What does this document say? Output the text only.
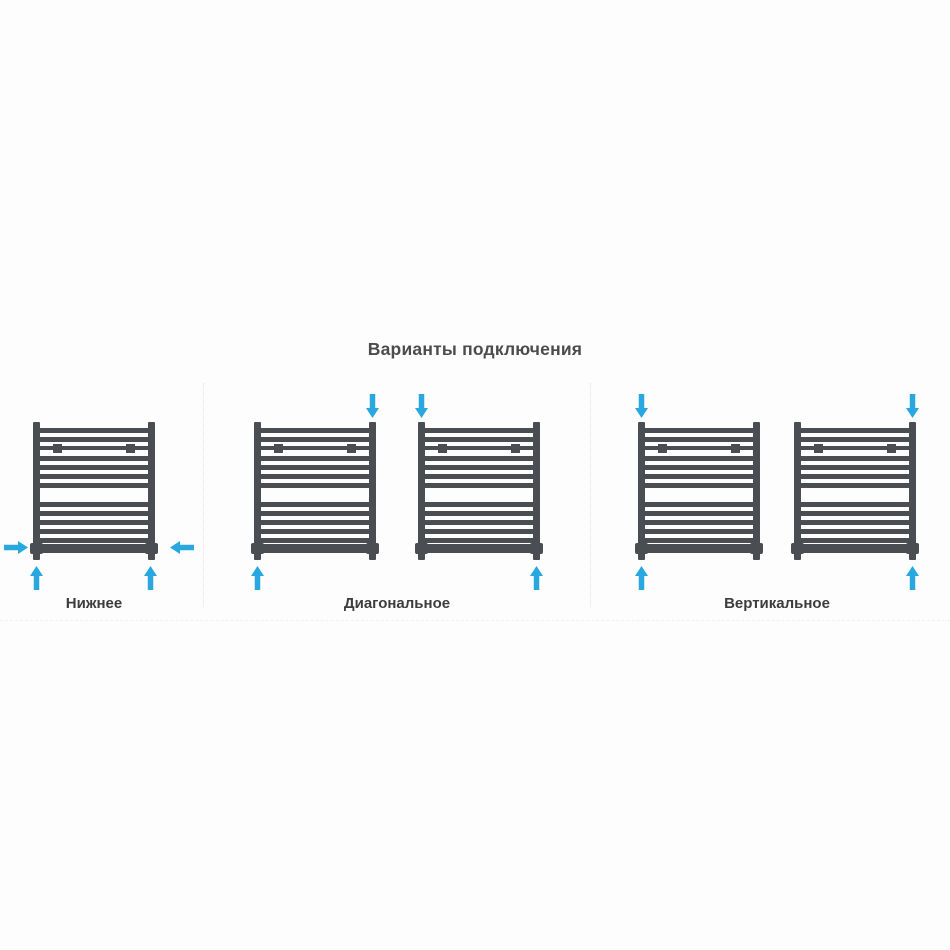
Варианты подключения
Нижнее	Диагональное	Вертикальное
